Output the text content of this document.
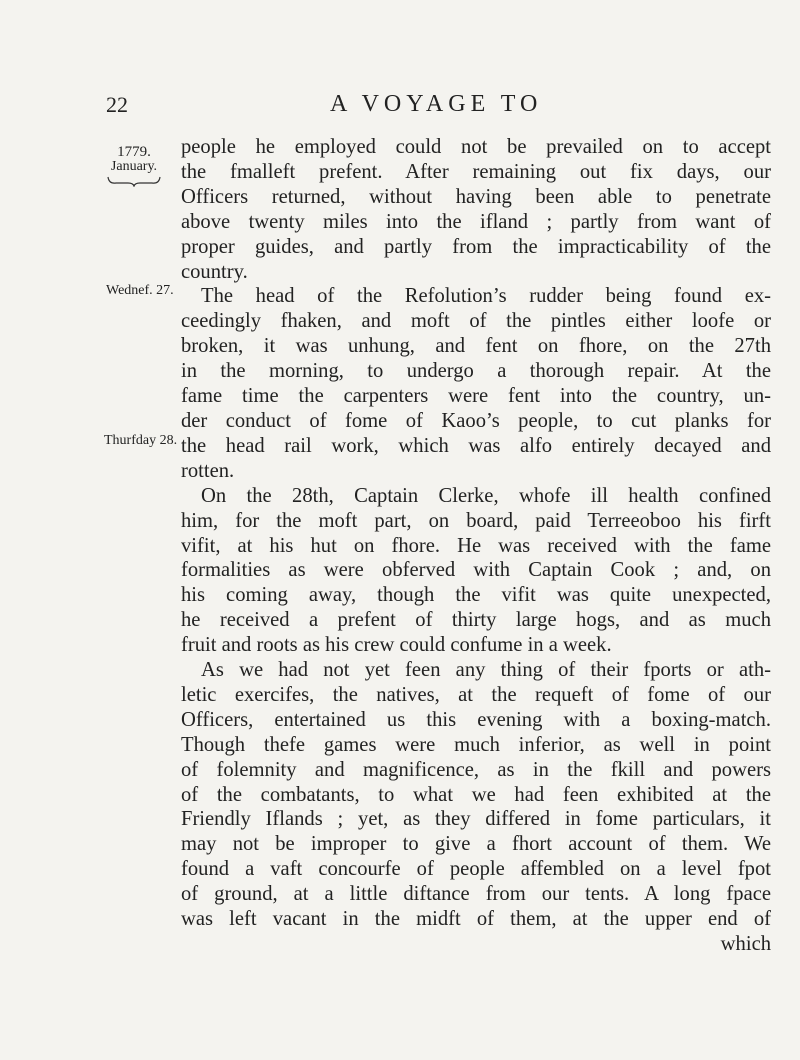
22	A VOYAGE TO
1779.
January.
Wednef. 27.
Thurfday 28.
people he employed could not be prevailed on to accept
the fmalleft prefent. After remaining out fix days, our
Officers returned, without having been able to penetrate
above twenty miles into the ifland ; partly from want of
proper guides, and partly from the impracticability of the
country.
The head of the Refolution’s rudder being found ex-
ceedingly fhaken, and moft of the pintles either loofe or
broken, it was unhung, and fent on fhore, on the 27th
in the morning, to undergo a thorough repair. At the
fame time the carpenters were fent into the country, un-
der conduct of fome of Kaoo’s people, to cut planks for
the head rail work, which was alfo entirely decayed and
rotten.
On the 28th, Captain Clerke, whofe ill health confined
him, for the moft part, on board, paid Terreeoboo his firft
vifit, at his hut on fhore. He was received with the fame
formalities as were obferved with Captain Cook ; and, on
his coming away, though the vifit was quite unexpected,
he received a prefent of thirty large hogs, and as much
fruit and roots as his crew could confume in a week.
As we had not yet feen any thing of their fports or ath-
letic exercifes, the natives, at the requeft of fome of our
Officers, entertained us this evening with a boxing-match.
Though thefe games were much inferior, as well in point
of folemnity and magnificence, as in the fkill and powers
of the combatants, to what we had feen exhibited at the
Friendly Iflands ; yet, as they differed in fome particulars, it
may not be improper to give a fhort account of them. We
found a vaft concourfe of people affembled on a level fpot
of ground, at a little diftance from our tents. A long fpace
was left vacant in the midft of them, at the upper end of
which
